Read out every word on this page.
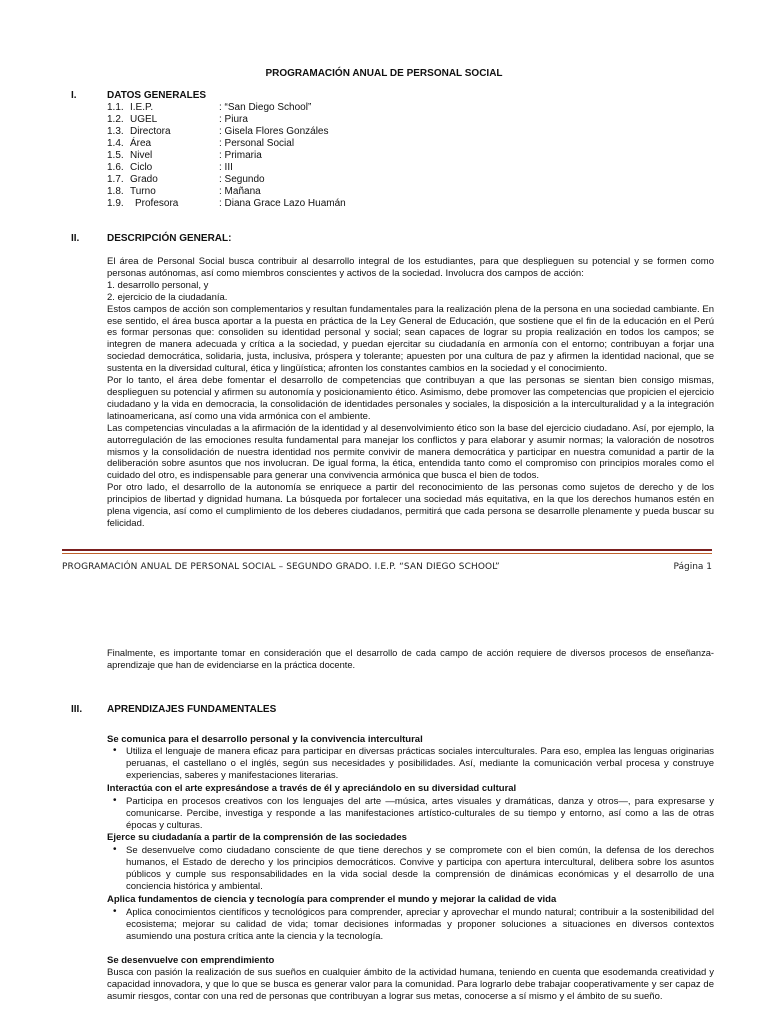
PROGRAMACIÓN ANUAL DE PERSONAL SOCIAL
I.	DATOS GENERALES
1.1. I.E.P.	: “San Diego School”
1.2. UGEL	: Piura
1.3. Directora	: Gisela Flores Gonzáles
1.4. Área	: Personal Social
1.5. Nivel	: Primaria
1.6. Ciclo	: III
1.7. Grado	: Segundo
1.8. Turno	: Mañana
1.9. Profesora	: Diana Grace Lazo Huamán
II.	DESCRIPCIÓN GENERAL:
El área de Personal Social busca contribuir al desarrollo integral de los estudiantes, para que desplieguen su potencial y se formen como personas autónomas, así como miembros conscientes y activos de la sociedad. Involucra dos campos de acción:
1. desarrollo personal, y
2. ejercicio de la ciudadanía.
Estos campos de acción son complementarios y resultan fundamentales para la realización plena de la persona en una sociedad cambiante. En ese sentido, el área busca aportar a la puesta en práctica de la Ley General de Educación, que sostiene que el fin de la educación en el Perú es formar personas que: consoliden su identidad personal y social; sean capaces de lograr su propia realización en todos los campos; se integren de manera adecuada y crítica a la sociedad, y puedan ejercitar su ciudadanía en armonía con el entorno; contribuyan a forjar una sociedad democrática, solidaria, justa, inclusiva, próspera y tolerante; apuesten por una cultura de paz y afirmen la identidad nacional, que se sustenta en la diversidad cultural, ética y lingüística; afronten los constantes cambios en la sociedad y el conocimiento.
Por lo tanto, el área debe fomentar el desarrollo de competencias que contribuyan a que las personas se sientan bien consigo mismas, desplieguen su potencial y afirmen su autonomía y posicionamiento ético. Asimismo, debe promover las competencias que propicien el ejercicio ciudadano y la vida en democracia, la consolidación de identidades personales y sociales, la disposición a la interculturalidad y a la integración latinoamericana, así como una vida armónica con el ambiente.
Las competencias vinculadas a la afirmación de la identidad y al desenvolvimiento ético son la base del ejercicio ciudadano. Así, por ejemplo, la autorregulación de las emociones resulta fundamental para manejar los conflictos y para elaborar y asumir normas; la valoración de nosotros mismos y la consolidación de nuestra identidad nos permite convivir de manera democrática y participar en nuestra comunidad a partir de la deliberación sobre asuntos que nos involucran. De igual forma, la ética, entendida tanto como el compromiso con principios morales como el cuidado del otro, es indispensable para generar una convivencia armónica que busca el bien de todos.
Por otro lado, el desarrollo de la autonomía se enriquece a partir del reconocimiento de las personas como sujetos de derecho y de los principios de libertad y dignidad humana. La búsqueda por fortalecer una sociedad más equitativa, en la que los derechos humanos estén en plena vigencia, así como el cumplimiento de los deberes ciudadanos, permitirá que cada persona se desarrolle plenamente y pueda buscar su felicidad.
PROGRAMACIÓN ANUAL DE PERSONAL SOCIAL – SEGUNDO GRADO. I.E.P. “SAN DIEGO SCHOOL”	Página 1

Finalmente, es importante tomar en consideración que el desarrollo de cada campo de acción requiere de diversos procesos de enseñanza-aprendizaje que han de evidenciarse en la práctica docente.

III. APRENDIZAJES FUNDAMENTALES
Se comunica para el desarrollo personal y la convivencia intercultural
• Utiliza el lenguaje de manera eficaz para participar en diversas prácticas sociales interculturales. Para eso, emplea las lenguas originarias peruanas, el castellano o el inglés, según sus necesidades y posibilidades. Así, mediante la comunicación verbal procesa y construye experiencias, saberes y manifestaciones literarias.

Interactúa con el arte expresándose a través de él y apreciándolo en su diversidad cultural
• Participa en procesos creativos con los lenguajes del arte —música, artes visuales y dramáticas, danza y otros—, para expresarse y comunicarse. Percibe, investiga y responde a las manifestaciones artístico-culturales de su tiempo y entorno, así como a las de otras épocas y culturas.

Ejerce su ciudadanía a partir de la comprensión de las sociedades
• Se desenvuelve como ciudadano consciente de que tiene derechos y se compromete con el bien común, la defensa de los derechos humanos, el Estado de derecho y los principios democráticos. Convive y participa con apertura intercultural, delibera sobre los asuntos públicos y cumple sus responsabilidades en la vida social desde la comprensión de dinámicas económicas y el desarrollo de una conciencia histórica y ambiental.

Aplica fundamentos de ciencia y tecnología para comprender el mundo y mejorar la calidad de vida
• Aplica conocimientos científicos y tecnológicos para comprender, apreciar y aprovechar el mundo natural; contribuir a la sostenibilidad del ecosistema; mejorar su calidad de vida; tomar decisiones informadas y proponer soluciones a situaciones en diversos contextos asumiendo una postura crítica ante la ciencia y la tecnología.

Se desenvuelve con emprendimiento

Busca con pasión la realización de sus sueños en cualquier ámbito de la actividad humana, teniendo en cuenta que esodemanda creatividad y capacidad innovadora, y que lo que se busca es generar valor para la comunidad. Para lograrlo debe trabajar cooperativamente y ser capaz de asumir riesgos, contar con una red de personas que contribuyan a lograr sus metas, conocerse a sí mismo y el ámbito de su sueño.
